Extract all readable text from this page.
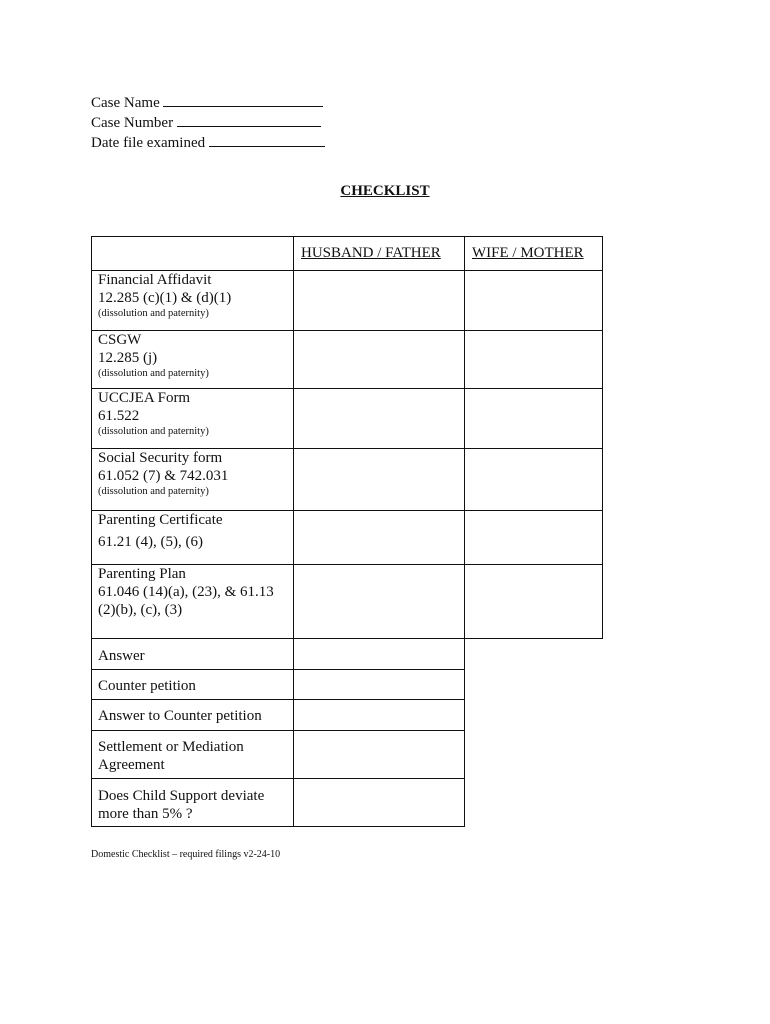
Case Name
Case Number
Date file examined
CHECKLIST

	HUSBAND / FATHER	WIFE / MOTHER

Financial Affidavit
12.285 (c)(1) & (d)(1)
(dissolution and paternity)		

CSGW
12.285 (j)
(dissolution and paternity)		

UCCJEA Form
61.522
(dissolution and paternity)		

Social Security form
61.052 (7) & 742.031
(dissolution and paternity)		

Parenting Certificate
61.21 (4), (5), (6)		

Parenting Plan
61.046 (14)(a), (23), & 61.13
(2)(b), (c), (3)		

Answer		

Counter petition		

Answer to Counter petition		

Settlement or Mediation
Agreement		

Does Child Support deviate
more than 5% ?		

Domestic Checklist – required filings v2-24-10
